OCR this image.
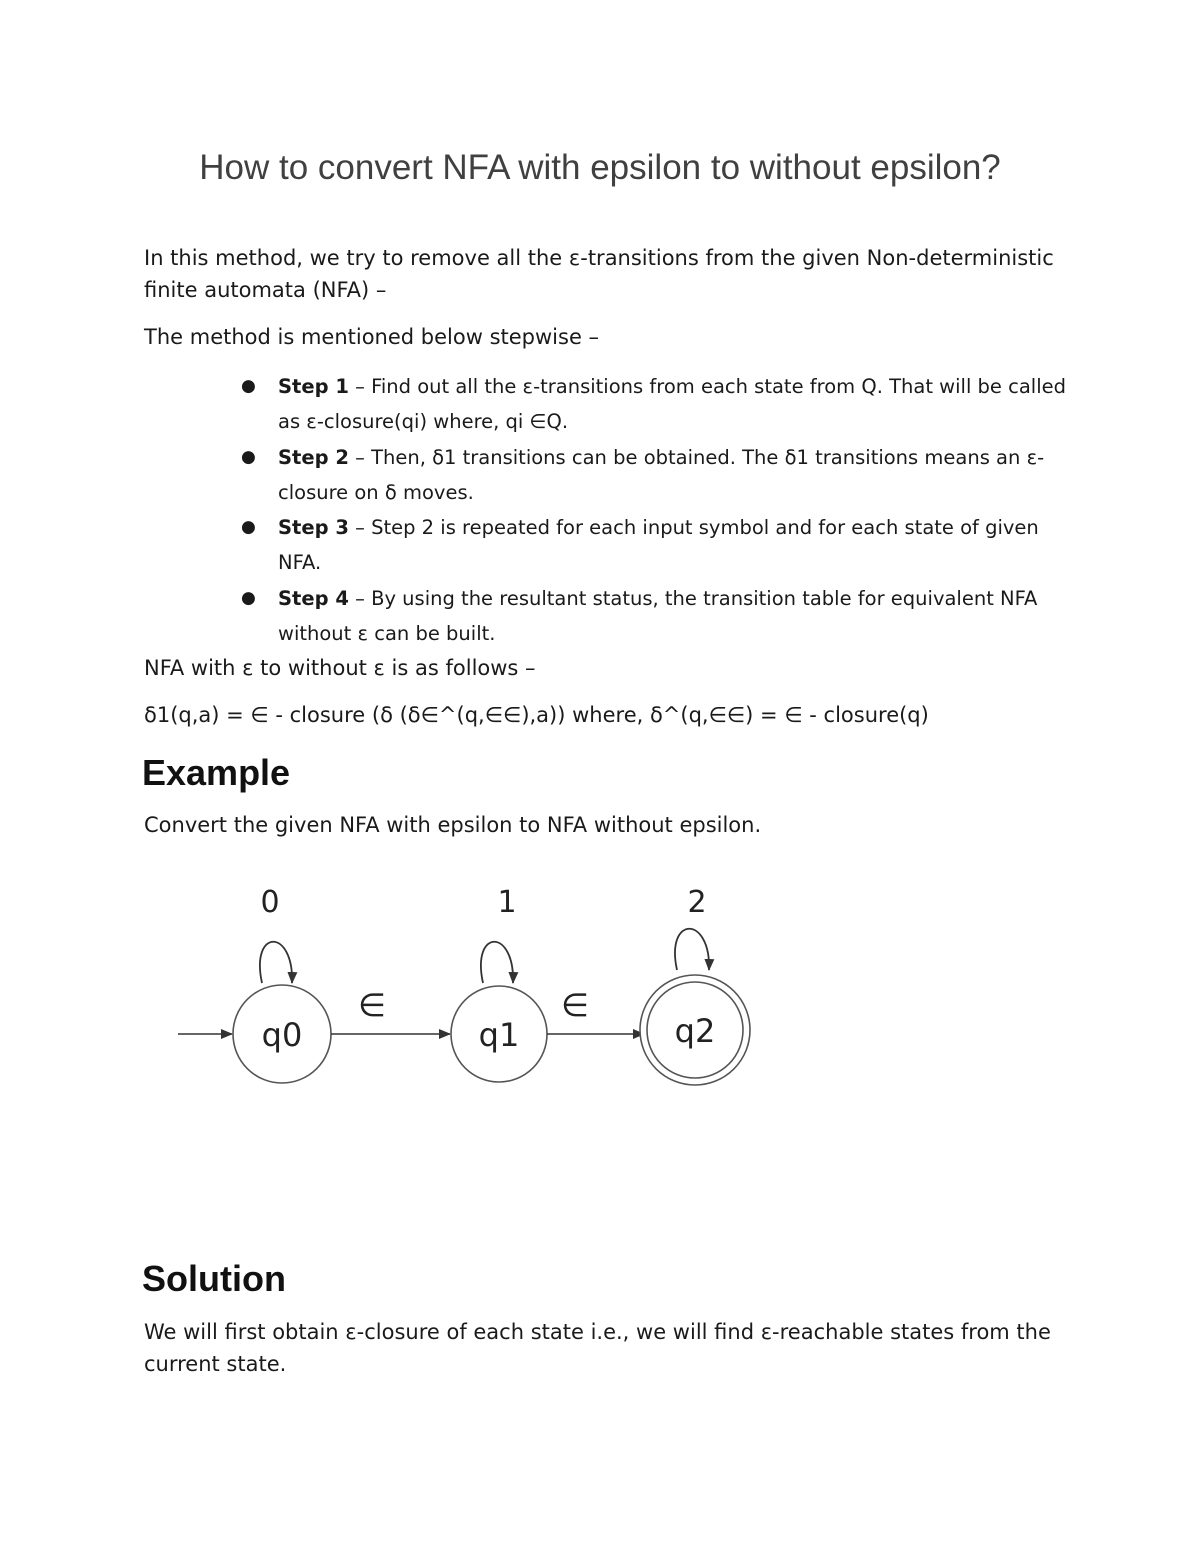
How to convert NFA with epsilon to without epsilon?

In this method, we try to remove all the ε-transitions from the given Non-deterministic finite automata (NFA) –

The method is mentioned below stepwise –

● Step 1 – Find out all the ε-transitions from each state from Q. That will be called as ε-closure(qi) where, qi ∈Q.
● Step 2 – Then, δ1 transitions can be obtained. The δ1 transitions means an ε-closure on δ moves.
● Step 3 – Step 2 is repeated for each input symbol and for each state of given NFA.
● Step 4 – By using the resultant status, the transition table for equivalent NFA without ε can be built.

NFA with ε to without ε is as follows –

δ1(q,a) = ∈ - closure (δ (δ∈^(q,∈∈),a)) where, δ^(q,∈∈) = ∈ - closure(q)

Example

Convert the given NFA with epsilon to NFA without epsilon.

q0
0
∈
q1
1
∈
q2
2
Solution

We will first obtain ε-closure of each state i.e., we will find ε-reachable states from the current state.
